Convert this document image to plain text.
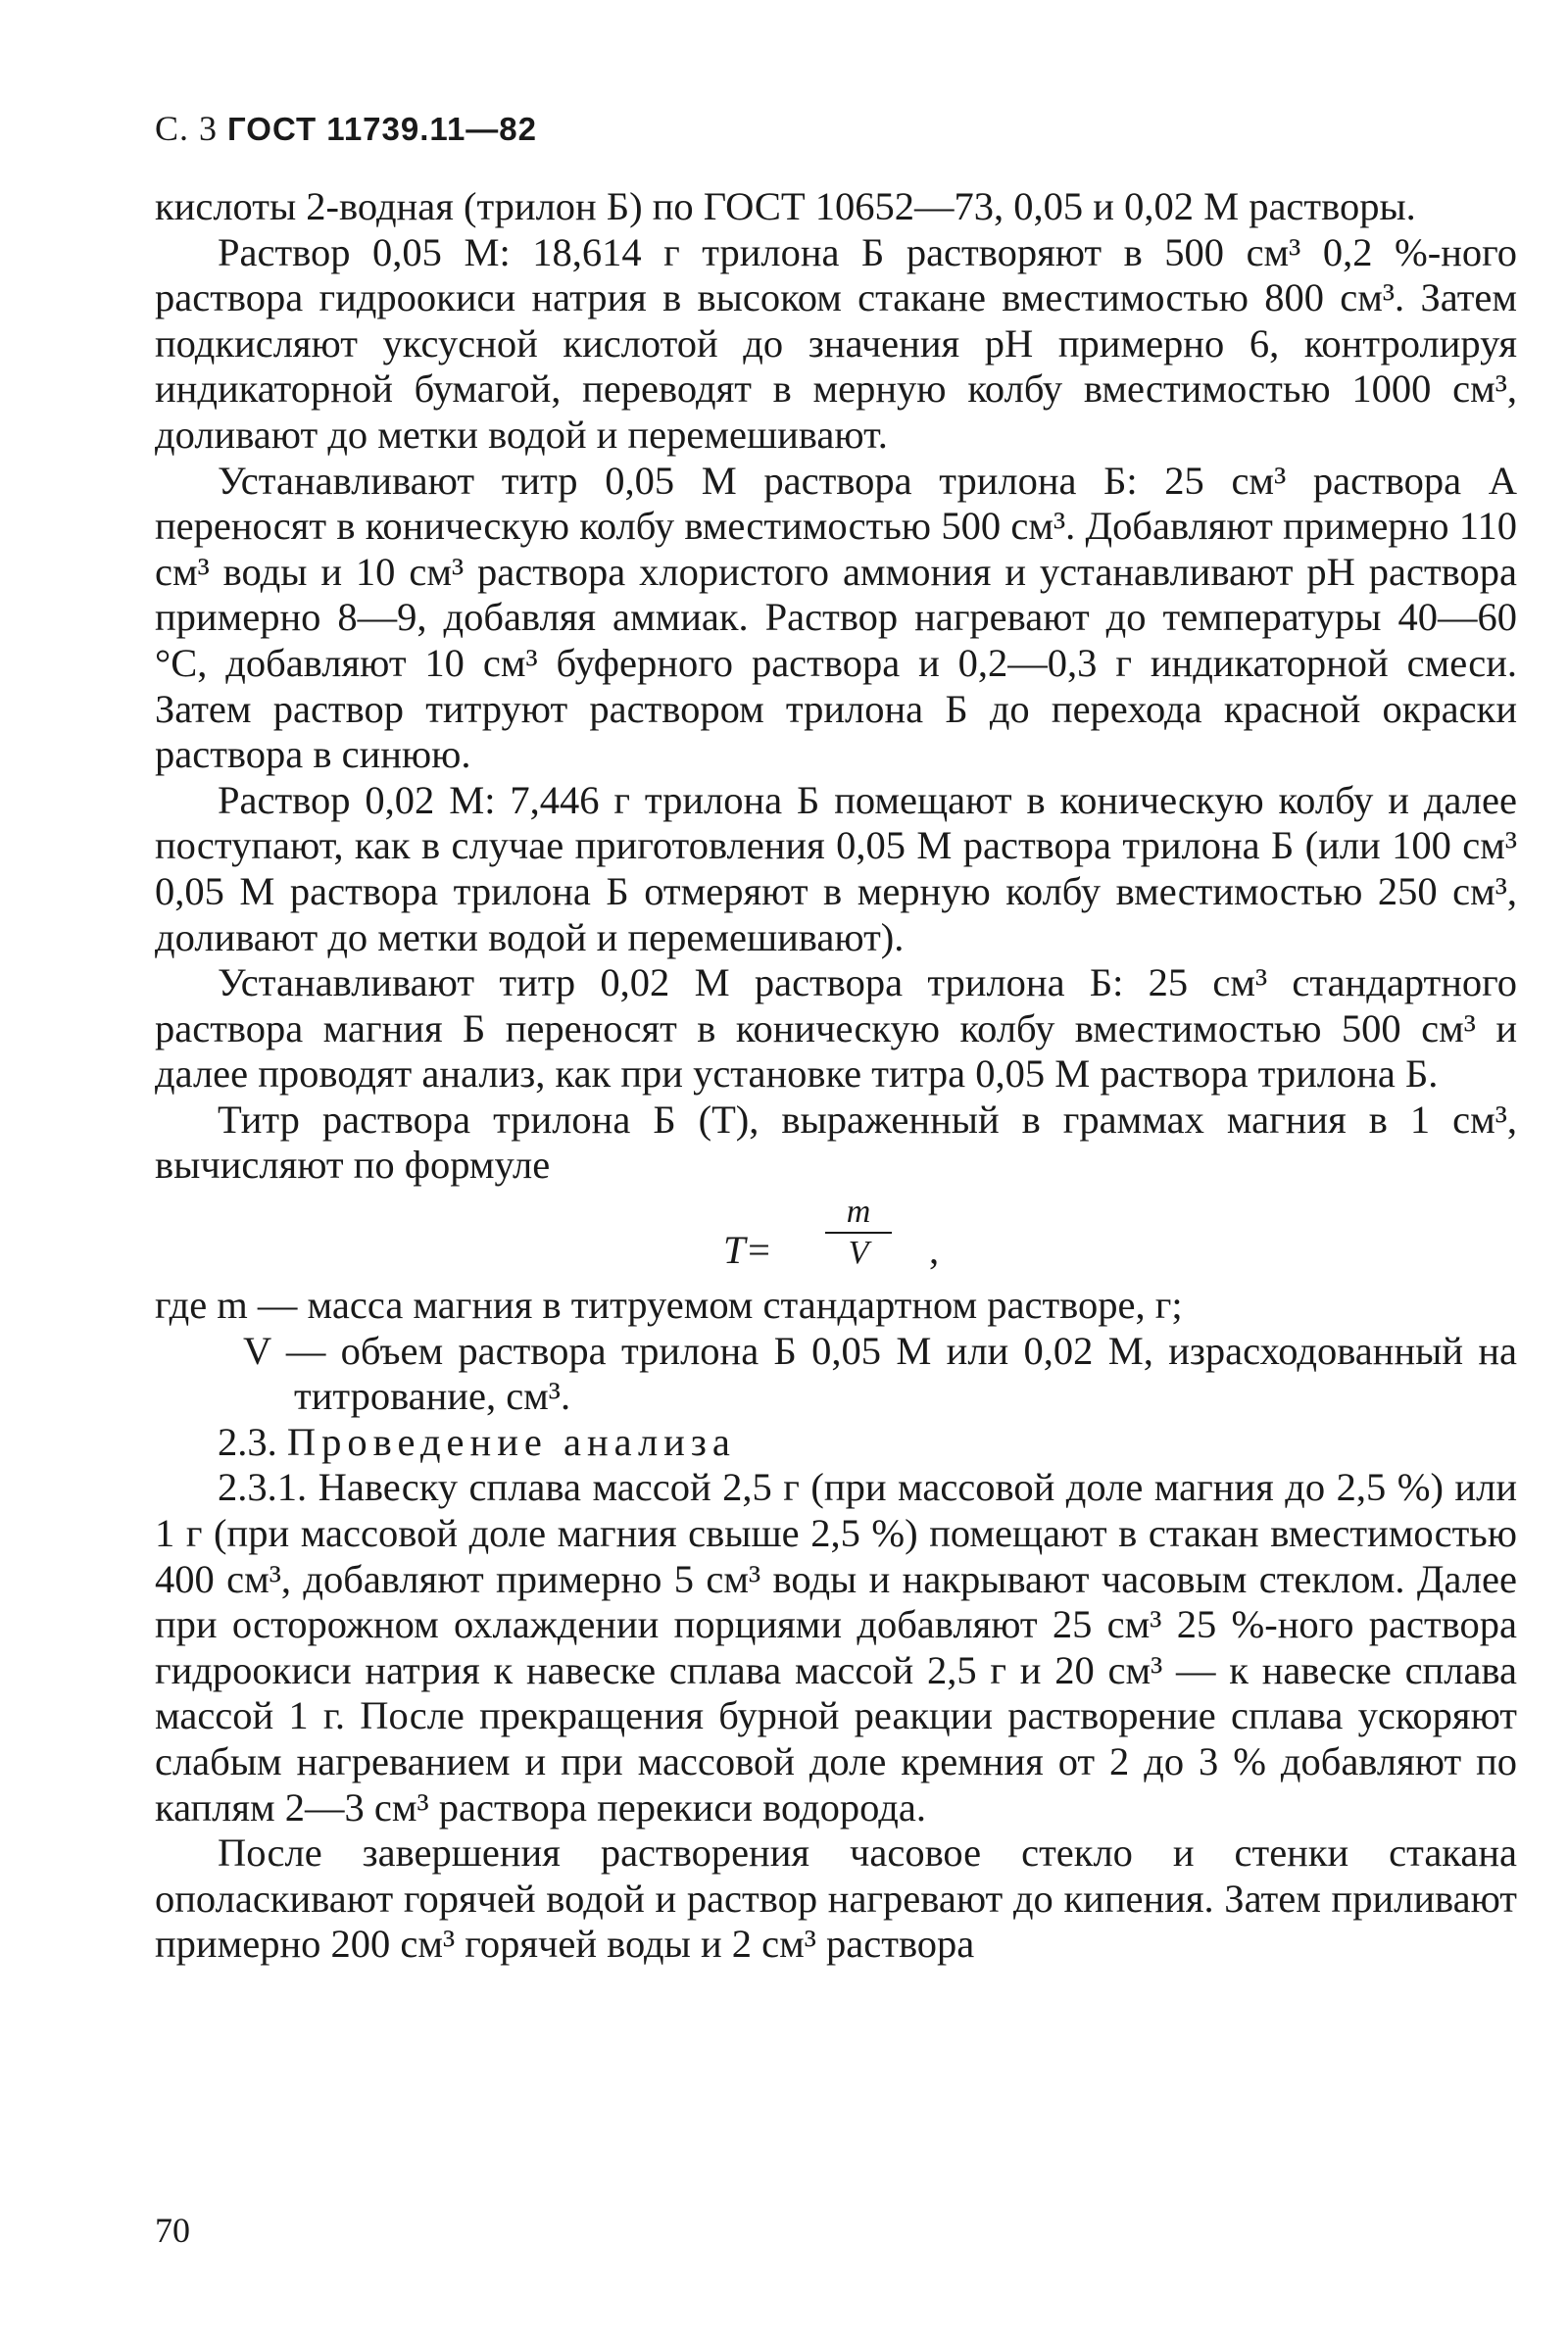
С. 3 ГОСТ 11739.11—82

кислоты 2-водная (трилон Б) по ГОСТ 10652—73, 0,05 и 0,02 М растворы.

Раствор 0,05 М: 18,614 г трилона Б растворяют в 500 см³ 0,2 %-ного раствора гидроокиси натрия в высоком стакане вместимостью 800 см³. Затем подкисляют уксусной кислотой до значения pH примерно 6, контролируя индикаторной бумагой, переводят в мерную колбу вместимостью 1000 см³, доливают до метки водой и перемешивают.

Устанавливают титр 0,05 М раствора трилона Б: 25 см³ раствора А переносят в коническую колбу вместимостью 500 см³. Добавляют примерно 110 см³ воды и 10 см³ раствора хлористого аммония и устанавливают pH раствора примерно 8—9, добавляя аммиак. Раствор нагревают до температуры 40—60 °C, добавляют 10 см³ буферного раствора и 0,2—0,3 г индикаторной смеси. Затем раствор титруют раствором трилона Б до перехода красной окраски раствора в синюю.

Раствор 0,02 М: 7,446 г трилона Б помещают в коническую колбу и далее поступают, как в случае приготовления 0,05 М раствора трилона Б (или 100 см³ 0,05 М раствора трилона Б отмеряют в мерную колбу вместимостью 250 см³, доливают до метки водой и перемешивают).

Устанавливают титр 0,02 М раствора трилона Б: 25 см³ стандартного раствора магния Б переносят в коническую колбу вместимостью 500 см³ и далее проводят анализ, как при установке титра 0,05 М раствора трилона Б.

Титр раствора трилона Б (T), выраженный в граммах магния в 1 см³, вычисляют по формуле

$T= \frac{m}{V}$ ,

где m — масса магния в титруемом стандартном растворе, г;

V — объем раствора трилона Б 0,05 М или 0,02 М, израсходованный на титрование, см³.

2.3. Проведение анализа

2.3.1. Навеску сплава массой 2,5 г (при массовой доле магния до 2,5 %) или 1 г (при массовой доле магния свыше 2,5 %) помещают в стакан вместимостью 400 см³, добавляют примерно 5 см³ воды и накрывают часовым стеклом. Далее при осторожном охлаждении порциями добавляют 25 см³ 25 %-ного раствора гидроокиси натрия к навеске сплава массой 2,5 г и 20 см³ — к навеске сплава массой 1 г. После прекращения бурной реакции растворение сплава ускоряют слабым нагреванием и при массовой доле кремния от 2 до 3 % добавляют по каплям 2—3 см³ раствора перекиси водорода.

После завершения растворения часовое стекло и стенки стакана ополаскивают горячей водой и раствор нагревают до кипения. Затем приливают примерно 200 см³ горячей воды и 2 см³ раствора

70
